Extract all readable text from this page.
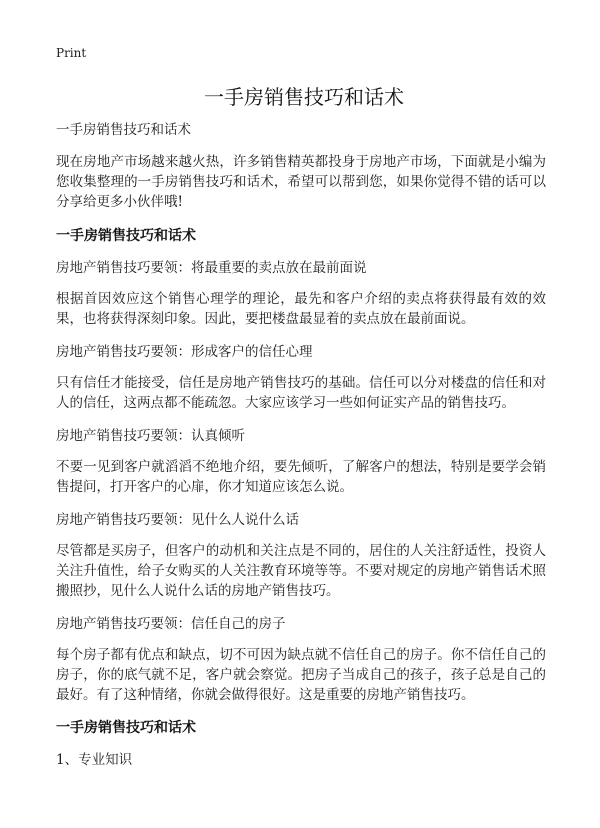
Print
一手房销售技巧和话术

一手房销售技巧和话术

现在房地产市场越来越火热，许多销售精英都投身于房地产市场，下面就是小编为您收集整理的一手房销售技巧和话术，希望可以帮到您，如果你觉得不错的话可以分享给更多小伙伴哦!

一手房销售技巧和话术

房地产销售技巧要领：将最重要的卖点放在最前面说

根据首因效应这个销售心理学的理论，最先和客户介绍的卖点将获得最有效的效果，也将获得深刻印象。因此，要把楼盘最显着的卖点放在最前面说。

房地产销售技巧要领：形成客户的信任心理

只有信任才能接受，信任是房地产销售技巧的基础。信任可以分对楼盘的信任和对人的信任，这两点都不能疏忽。大家应该学习一些如何证实产品的销售技巧。

房地产销售技巧要领：认真倾听

不要一见到客户就滔滔不绝地介绍，要先倾听，了解客户的想法，特别是要学会销售提问，打开客户的心扉，你才知道应该怎么说。

房地产销售技巧要领：见什么人说什么话

尽管都是买房子，但客户的动机和关注点是不同的，居住的人关注舒适性，投资人关注升值性，给子女购买的人关注教育环境等等。不要对规定的房地产销售话术照搬照抄，见什么人说什么话的房地产销售技巧。

房地产销售技巧要领：信任自己的房子

每个房子都有优点和缺点，切不可因为缺点就不信任自己的房子。你不信任自己的房子，你的底气就不足，客户就会察觉。把房子当成自己的孩子，孩子总是自己的最好。有了这种情绪，你就会做得很好。这是重要的房地产销售技巧。

一手房销售技巧和话术

1、专业知识
